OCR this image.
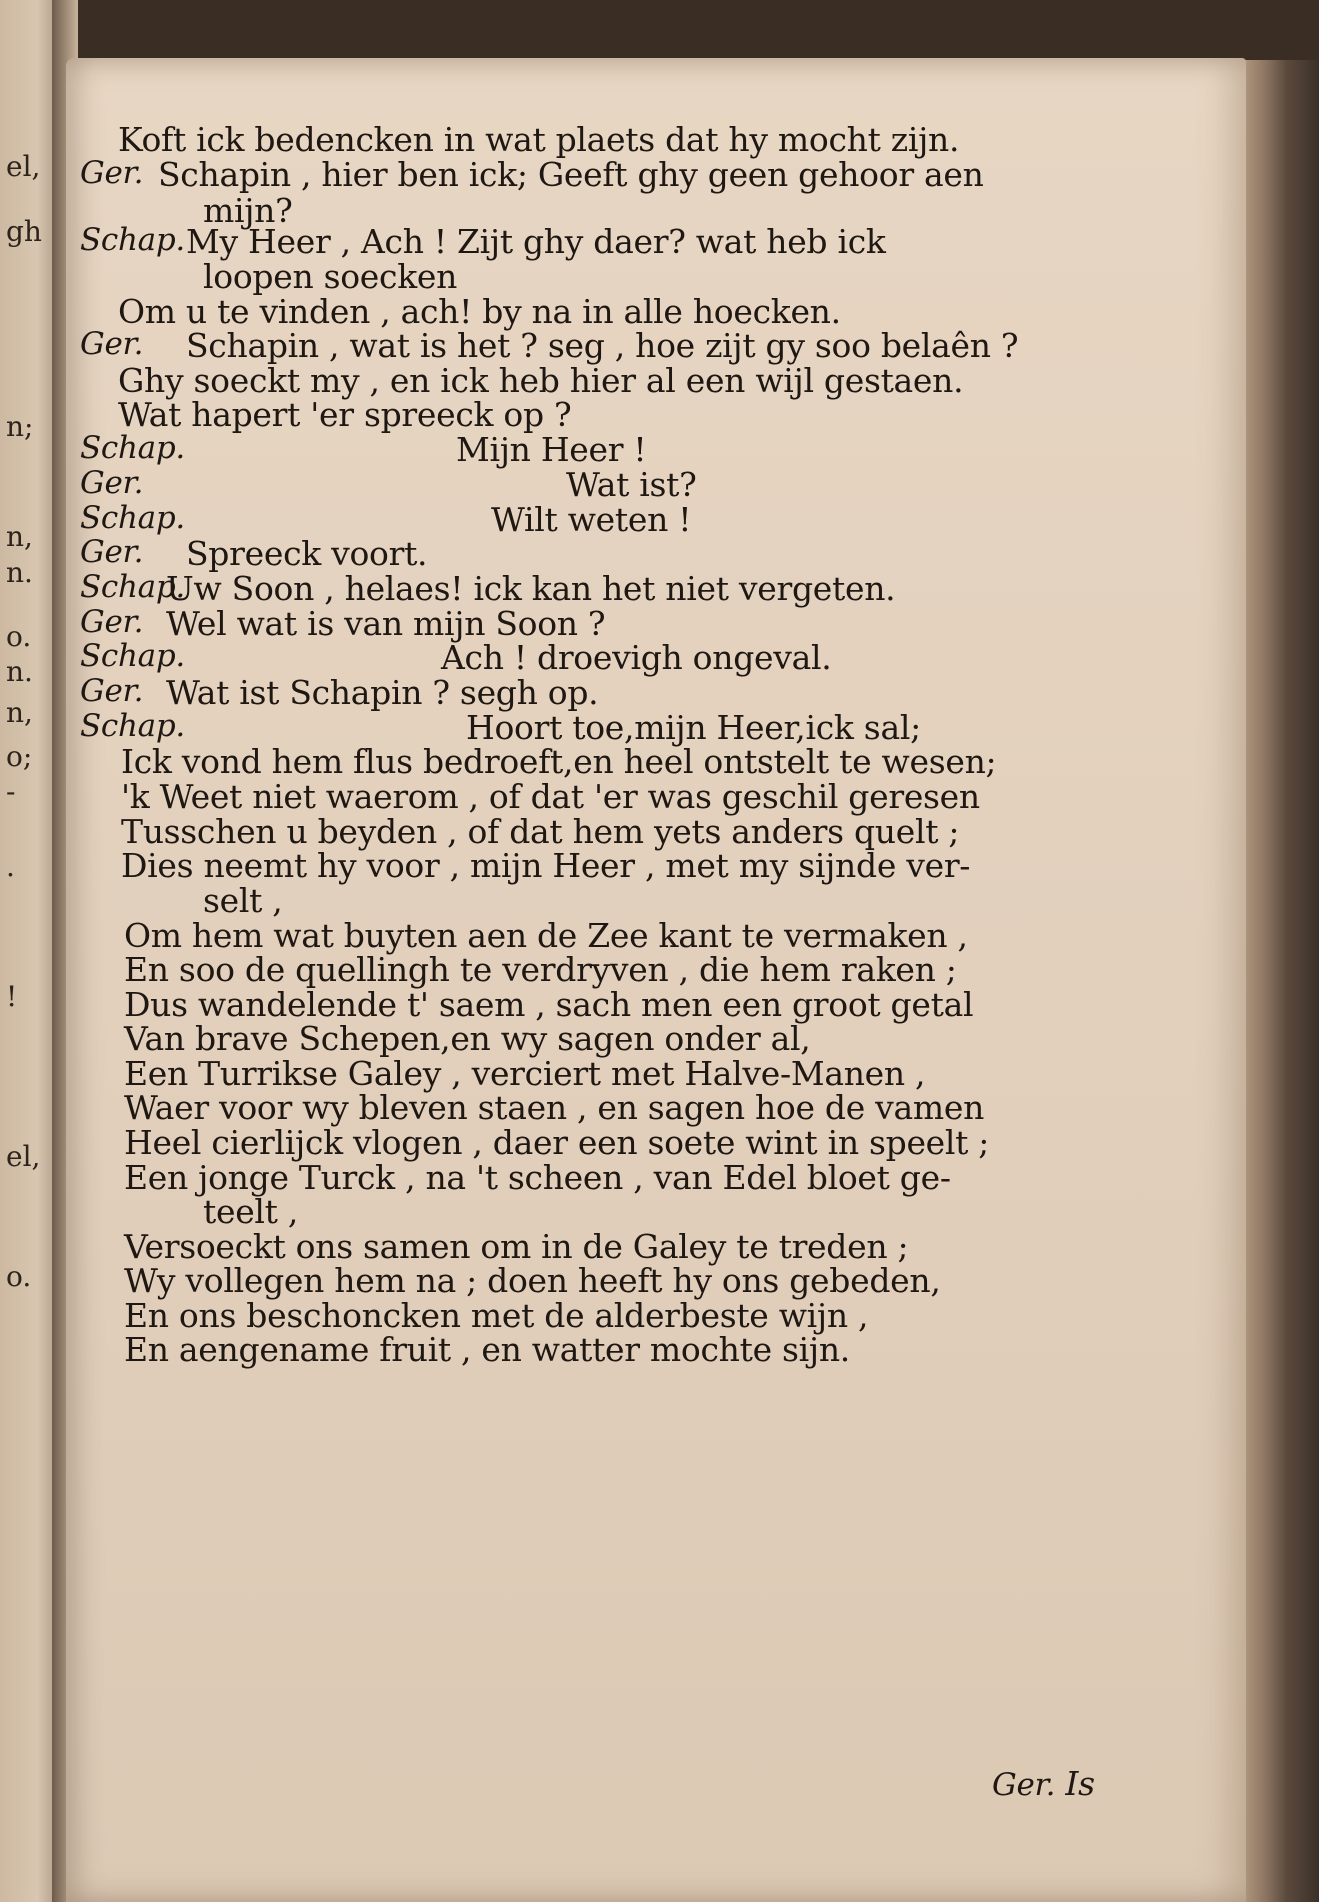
el,
gh
n;
n,
n.
o.
n.
n,
o;
-
.
!
el,
o.
Koft ick bedencken in wat plaets dat hy mocht zijn.
Ger. Schapin , hier ben ick; Geeft ghy geen gehoor aen
mijn?
Schap. My Heer , Ach ! Zijt ghy daer? wat heb ick
loopen soecken
Om u te vinden , ach! by na in alle hoecken.
Ger. Schapin , wat is het ? seg , hoe zijt gy soo belaên ?
Ghy soeckt my , en ick heb hier al een wijl gestaen.
Wat hapert 'er spreeck op ?
Schap.	Mijn Heer !
Ger.	Wat ist?
Schap.	Wilt weten !
Ger. Spreeck voort.
Schap.
Uw Soon , helaes! ick kan het niet vergeten.
Ger. Wel wat is van mijn Soon ?
Schap.	Ach ! droevigh ongeval.
Ger. Wat ist Schapin ? segh op.
Schap.	Hoort toe,mijn Heer,ick sal;
Ick vond hem flus bedroeft,en heel ontstelt te wesen;
'k Weet niet waerom , of dat 'er was geschil geresen
Tusschen u beyden , of dat hem yets anders quelt ;
Dies neemt hy voor , mijn Heer , met my sijnde ver-
selt ,
Om hem wat buyten aen de Zee kant te vermaken ,
En soo de quellingh te verdryven , die hem raken ;
Dus wandelende t' saem , sach men een groot getal
Van brave Schepen,en wy sagen onder al,
Een Turrikse Galey , verciert met Halve-Manen ,
Waer voor wy bleven staen , en sagen hoe de vamen
Heel cierlijck vlogen , daer een soete wint in speelt ;
Een jonge Turck , na 't scheen , van Edel bloet ge-
teelt ,
Versoeckt ons samen om in de Galey te treden ;
Wy vollegen hem na ; doen heeft hy ons gebeden,
En ons beschoncken met de alderbeste wijn ,
En aengename fruit , en watter mochte sijn.
Ger. Is
